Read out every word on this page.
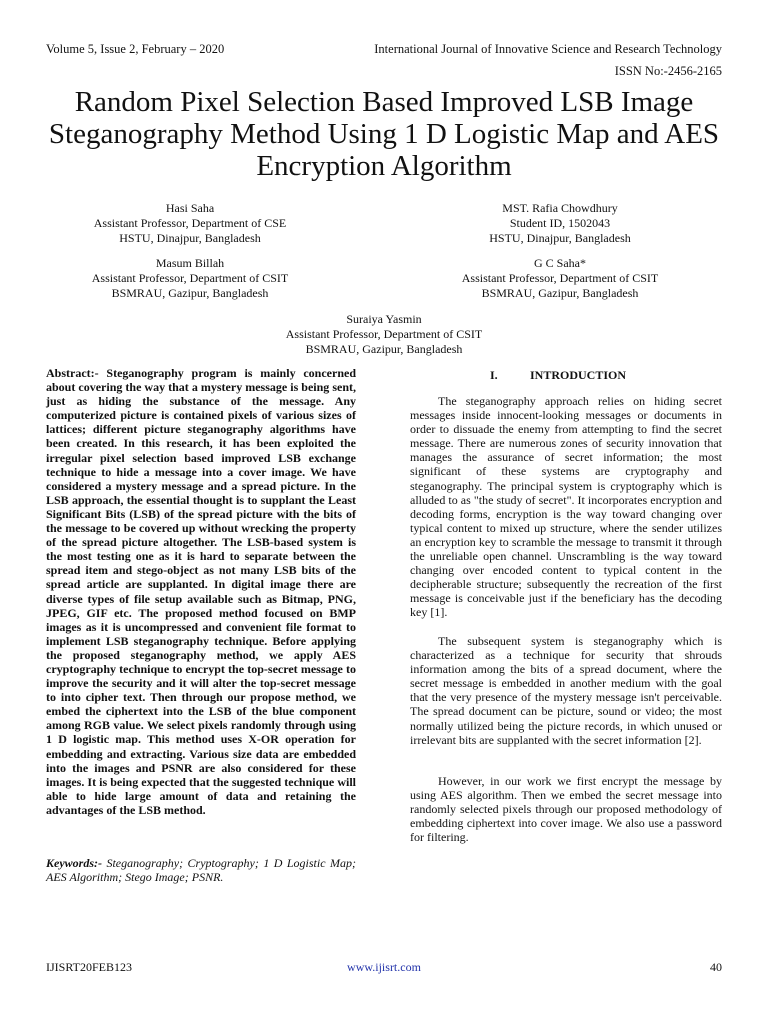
Volume 5, Issue 2, February – 2020	International Journal of Innovative Science and Research Technology
ISSN No:-2456-2165
Random Pixel Selection Based Improved LSB Image Steganography Method Using 1 D Logistic Map and AES Encryption Algorithm
Hasi Saha
Assistant Professor, Department of CSE
HSTU, Dinajpur, Bangladesh
MST. Rafia Chowdhury
Student ID, 1502043
HSTU, Dinajpur, Bangladesh
Masum Billah
Assistant Professor, Department of CSIT
BSMRAU, Gazipur, Bangladesh
G C Saha*
Assistant Professor, Department of CSIT
BSMRAU, Gazipur, Bangladesh
Suraiya Yasmin
Assistant Professor, Department of CSIT
BSMRAU, Gazipur, Bangladesh

Abstract:- Steganography program is mainly concerned about covering the way that a mystery message is being sent, just as hiding the substance of the message. Any computerized picture is contained pixels of various sizes of lattices; different picture steganography algorithms have been created. In this research, it has been exploited the irregular pixel selection based improved LSB exchange technique to hide a message into a cover image. We have considered a mystery message and a spread picture. In the LSB approach, the essential thought is to supplant the Least Significant Bits (LSB) of the spread picture with the bits of the message to be covered up without wrecking the property of the spread picture altogether. The LSB-based system is the most testing one as it is hard to separate between the spread item and stego-object as not many LSB bits of the spread article are supplanted. In digital image there are diverse types of file setup available such as Bitmap, PNG, JPEG, GIF etc. The proposed method focused on BMP images as it is uncompressed and convenient file format to implement LSB steganography technique. Before applying the proposed steganography method, we apply AES cryptography technique to encrypt the top-secret message to improve the security and it will alter the top-secret message to into cipher text. Then through our propose method, we embed the ciphertext into the LSB of the blue component among RGB value. We select pixels randomly through using 1 D logistic map. This method uses X-OR operation for embedding and extracting. Various size data are embedded into the images and PSNR are also considered for these images. It is being expected that the suggested technique will able to hide large amount of data and retaining the advantages of the LSB method.

Keywords:- Steganography; Cryptography; 1 D Logistic Map; AES Algorithm; Stego Image; PSNR.

I.	INTRODUCTION

The steganography approach relies on hiding secret messages inside innocent-looking messages or documents in order to dissuade the enemy from attempting to find the secret message. There are numerous zones of security innovation that manages the assurance of secret information; the most significant of these systems are cryptography and steganography. The principal system is cryptography which is alluded to as "the study of secret". It incorporates encryption and decoding forms, encryption is the way toward changing over typical content to mixed up structure, where the sender utilizes an encryption key to scramble the message to transmit it through the unreliable open channel. Unscrambling is the way toward changing over encoded content to typical content in the decipherable structure; subsequently the recreation of the first message is conceivable just if the beneficiary has the decoding key [1].

The subsequent system is steganography which is characterized as a technique for security that shrouds information among the bits of a spread document, where the secret message is embedded in another medium with the goal that the very presence of the mystery message isn't perceivable. The spread document can be picture, sound or video; the most normally utilized being the picture records, in which unused or irrelevant bits are supplanted with the secret information [2].

However, in our work we first encrypt the message by using AES algorithm. Then we embed the secret message into randomly selected pixels through our proposed methodology of embedding ciphertext into cover image. We also use a password for filtering.

IJISRT20FEB123	www.ijisrt.com	40
